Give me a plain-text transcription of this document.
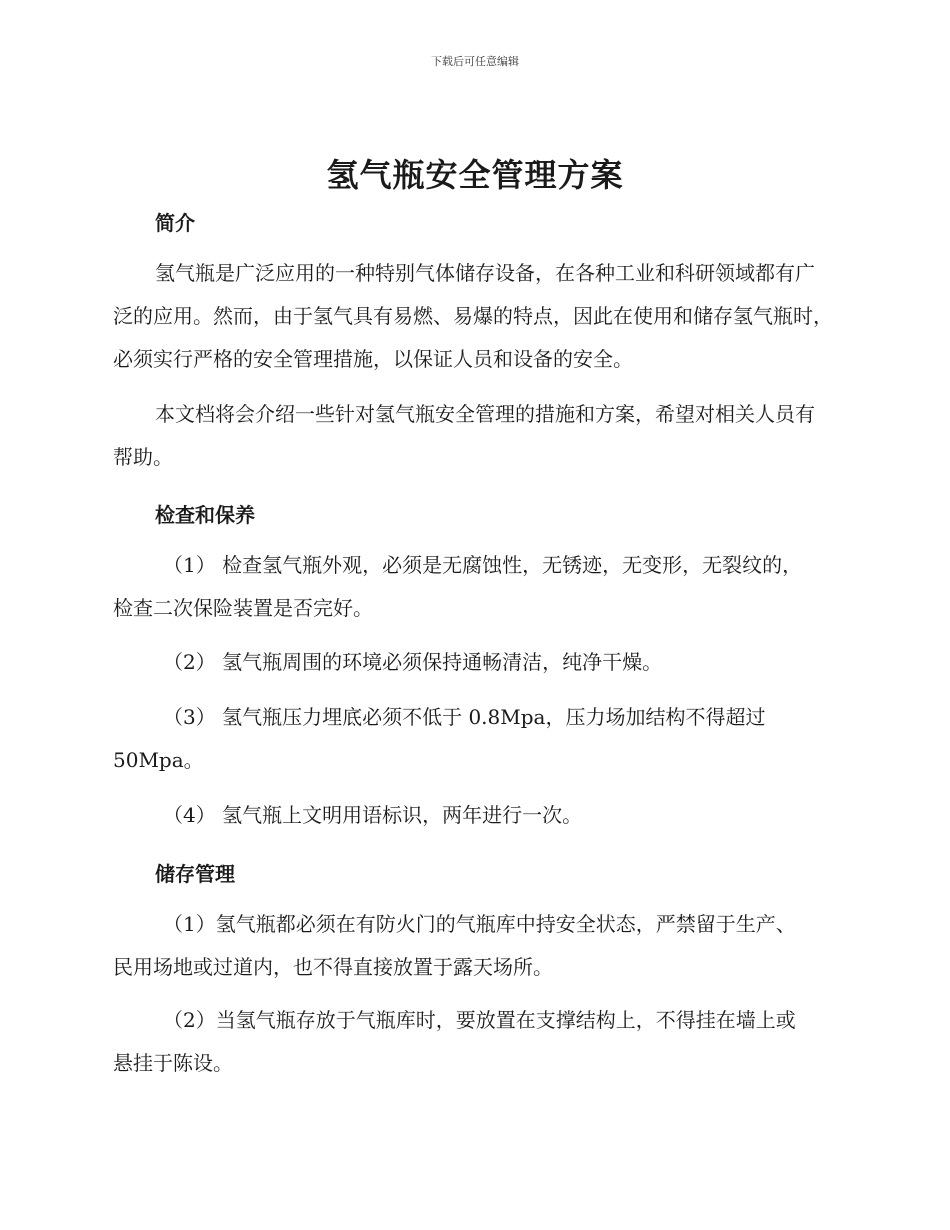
下载后可任意编辑
氢气瓶安全管理方案
简介

氢气瓶是广泛应用的一种特别气体储存设备，在各种工业和科研领域都有广泛的应用。然而，由于氢气具有易燃、易爆的特点，因此在使用和储存氢气瓶时，必须实行严格的安全管理措施，以保证人员和设备的安全。

本文档将会介绍一些针对氢气瓶安全管理的措施和方案，希望对相关人员有帮助。

检查和保养

（1） 检查氢气瓶外观，必须是无腐蚀性，无锈迹，无变形，无裂纹的，检查二次保险装置是否完好。

（2） 氢气瓶周围的环境必须保持通畅清洁，纯净干燥。

（3） 氢气瓶压力埋底必须不低于 0.8Mpa，压力场加结构不得超过 50Mpa。

（4） 氢气瓶上文明用语标识，两年进行一次。

储存管理

（1）氢气瓶都必须在有防火门的气瓶库中持安全状态，严禁留于生产、民用场地或过道内，也不得直接放置于露天场所。

（2）当氢气瓶存放于气瓶库时，要放置在支撑结构上，不得挂在墙上或悬挂于陈设。
